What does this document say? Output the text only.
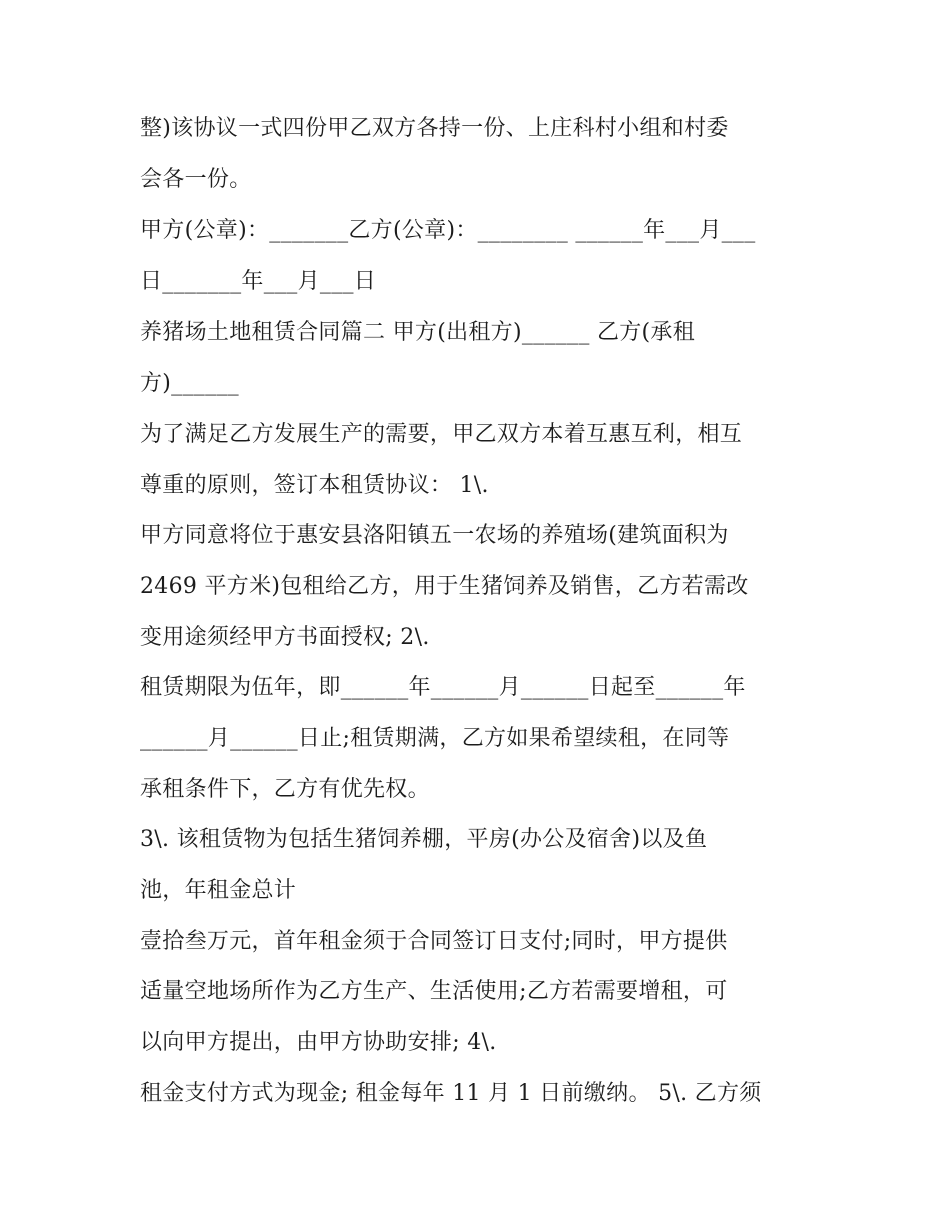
整)该协议一式四份甲乙双方各持一份、上庄科村小组和村委
会各一份。
甲方(公章)：_______乙方(公章)：________ ______年___月___
日_______年___月___日
养猪场土地租赁合同篇二 甲方(出租方)______ 乙方(承租
方)______
为了满足乙方发展生产的需要，甲乙双方本着互惠互利，相互
尊重的原则，签订本租赁协议： 1\.
甲方同意将位于惠安县洛阳镇五一农场的养殖场(建筑面积为
2469 平方米)包租给乙方，用于生猪饲养及销售，乙方若需改
变用途须经甲方书面授权; 2\.
租赁期限为伍年，即______年______月______日起至______年
______月______日止;租赁期满，乙方如果希望续租，在同等
承租条件下，乙方有优先权。
3\. 该租赁物为包括生猪饲养棚，平房(办公及宿舍)以及鱼
池，年租金总计
壹拾叁万元，首年租金须于合同签订日支付;同时，甲方提供
适量空地场所作为乙方生产、生活使用;乙方若需要增租，可
以向甲方提出，由甲方协助安排; 4\.
租金支付方式为现金; 租金每年 11 月 1 日前缴纳。 5\. 乙方须
